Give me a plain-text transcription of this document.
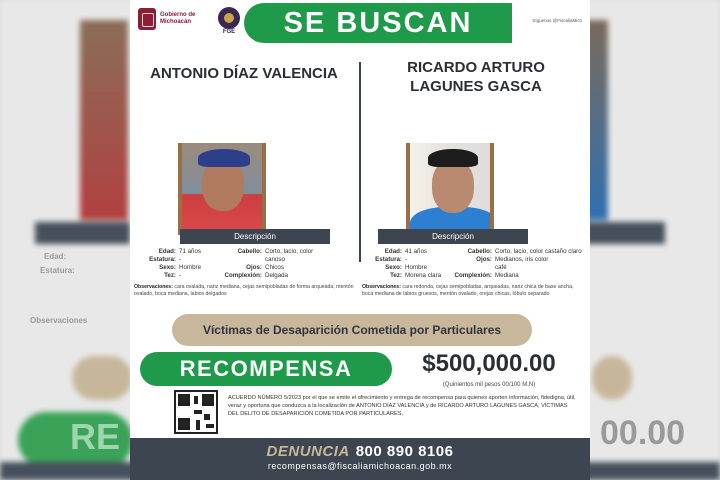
Edad:
Estatura:
Observaciones
RE	00.00
Gobierno de Michoacán
FGE	SE BUSCAN	Síguenos @FiscaliaMich
ANTONIO DÍAZ VALENCIA	RICARDO ARTURO LAGUNES GASCA
Descripción	Descripción
Edad: 71 años
Estatura: -
Sexo: Hombre
Tez: -
Cabello: Corto, lacio, color canoso
Ojos: Chicos
Complexión: Delgada
Observaciones: cara ovalada, nariz mediana, cejas semipobladas de forma arqueada, mentón ovalado, boca mediana, labios delgados
Edad: 41 años
Estatura: -
Sexo: Hombre
Tez: Morena clara
Cabello: Corto, lacio, color castaño claro
Ojos: Medianos, iris color café
Complexión: Mediana
Observaciones: cara redonda, cejas semipobladas, arqueadas, nariz chica de base ancha, boca mediana de labios gruesos, mentón ovalado, orejas chicas, lóbulo separado
Víctimas de Desaparición Cometida por Particulares
RECOMPENSA	$500,000.00
(Quinientos mil pesos 00/100 M.N)
ACUERDO NÚMERO 5/2023 por el que se emite el ofrecimiento y entrega de recompensa para quienes aporten información, fidedigna, útil, veraz y oportuna que conduzca a la localización de ANTONIO DÍAZ VALENCIA y de RICARDO ARTURO LAGUNES GASCA, VÍCTIMAS DEL DELITO DE DESAPARICIÓN COMETIDA POR PARTICULARES.
DENUNCIA 800 890 8106
recompensas@fiscaliamichoacan.gob.mx
